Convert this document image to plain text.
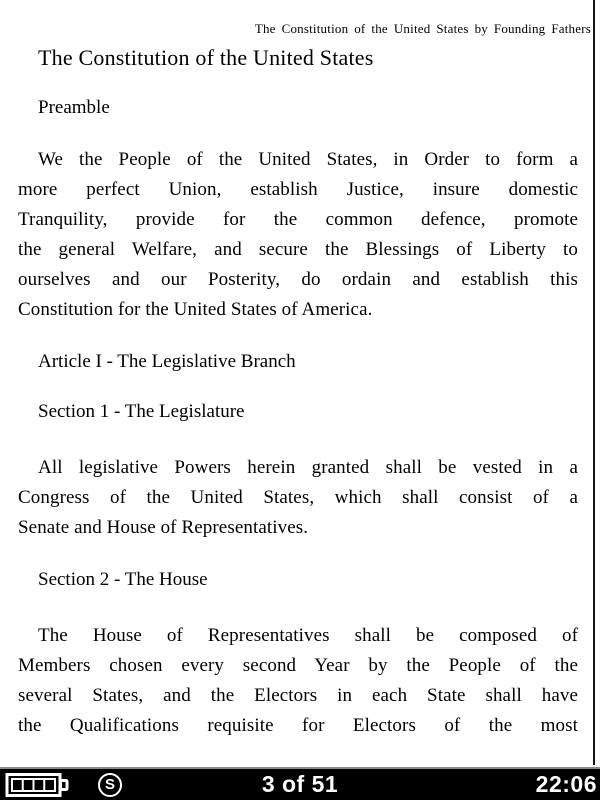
The Constitution of the United States by Founding Fathers
The Constitution of the United States
Preamble
We the People of the United States, in Order to form a
more perfect Union, establish Justice, insure domestic
Tranquility, provide for the common defence, promote
the general Welfare, and secure the Blessings of Liberty to
ourselves and our Posterity, do ordain and establish this
Constitution for the United States of America.
Article I - The Legislative Branch
Section 1 - The Legislature
All legislative Powers herein granted shall be vested in a
Congress of the United States, which shall consist of a
Senate and House of Representatives.
Section 2 - The House
The House of Representatives shall be composed of
Members chosen every second Year by the People of the
several States, and the Electors in each State shall have
the Qualifications requisite for Electors of the most
S	3 of 51	22:06
